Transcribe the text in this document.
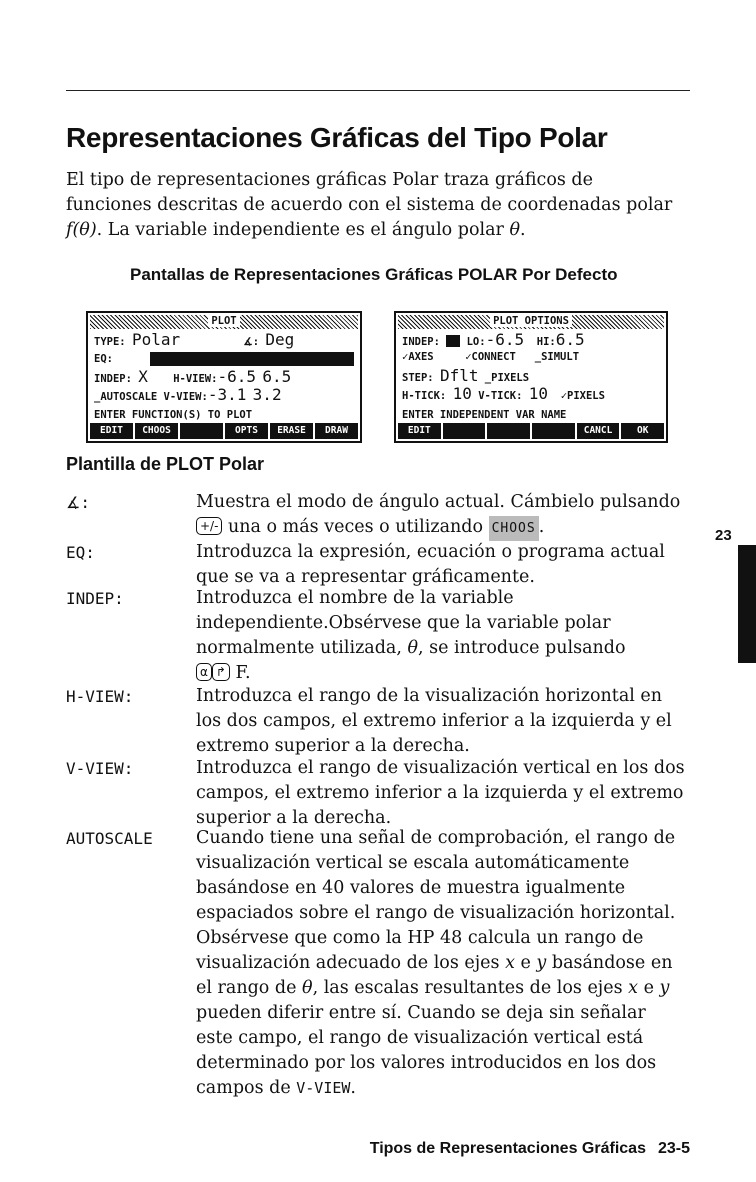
Representaciones Gráficas del Tipo Polar
El tipo de representaciones gráficas Polar traza gráficos de funciones descritas de acuerdo con el sistema de coordenadas polar f(θ). La variable independiente es el ángulo polar θ.
Pantallas de Representaciones Gráficas POLAR Por Defecto
PLOT
TYPE: Polar	∡: Deg
EQ:
INDEP: X H-VIEW:-6.5 6.5
_AUTOSCALE V-VIEW:-3.1 3.2
ENTER FUNCTION(S) TO PLOT
EDIT	CHOOS	OPTS	ERASE	DRAW
PLOT OPTIONS
INDEP:	LO:-6.5 HI:6.5
✓AXES	✓CONNECT _SIMULT
STEP: Dflt _PIXELS
H-TICK: 10 V-TICK: 10 ✓PIXELS
ENTER INDEPENDENT VAR NAME
EDIT	CANCL	OK
Plantilla de PLOT Polar
∡:	Muestra el modo de ángulo actual. Cámbielo pulsando +/- una o más veces o utilizando CHOOS .
EQ:	Introduzca la expresión, ecuación o programa actual que se va a representar gráficamente.
INDEP:	Introduzca el nombre de la variable independiente.Obsérvese que la variable polar normalmente utilizada, θ, se introduce pulsando
α ↱ F.
H-VIEW:	Introduzca el rango de la visualización horizontal en los dos campos, el extremo inferior a la izquierda y el extremo superior a la derecha.
V-VIEW:	Introduzca el rango de visualización vertical en los dos campos, el extremo inferior a la izquierda y el extremo superior a la derecha.
AUTOSCALE Cuando tiene una señal de comprobación, el rango de visualización vertical se escala automáticamente basándose en 40 valores de muestra igualmente espaciados sobre el rango de visualización horizontal. Obsérvese que como la HP 48 calcula un rango de visualización adecuado de los ejes x e y basándose en el rango de θ, las escalas resultantes de los ejes x e y pueden diferir entre sí. Cuando se deja sin señalar este campo, el rango de visualización vertical está determinado por los valores introducidos en los dos campos de V-VIEW.
23
Tipos de Representaciones Gráficas 23-5
